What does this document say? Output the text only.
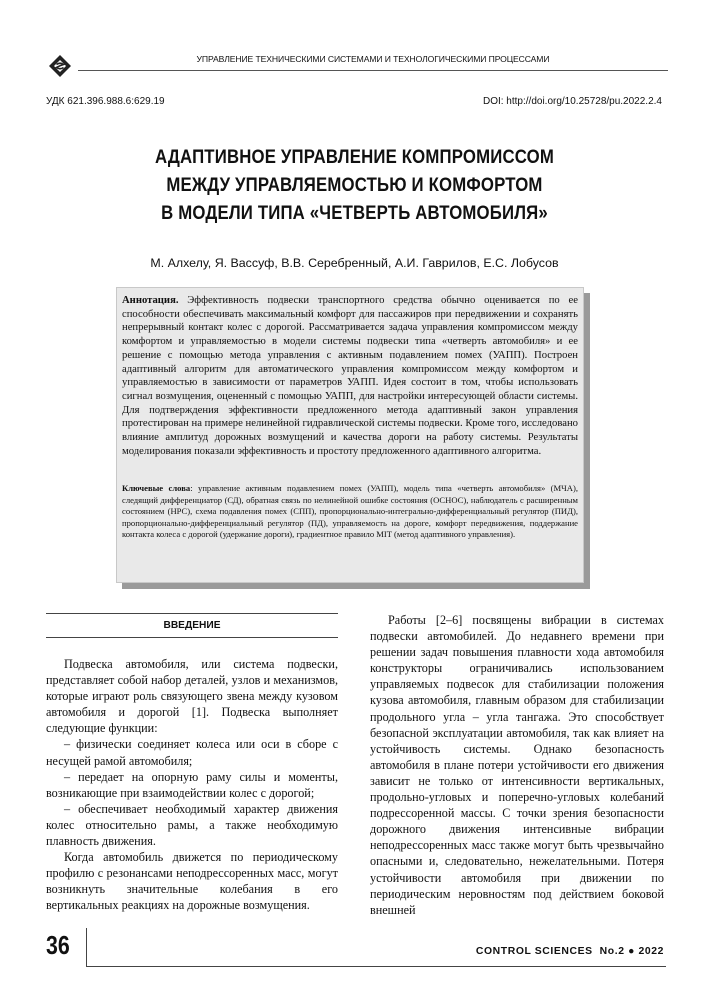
УПРАВЛЕНИЕ ТЕХНИЧЕСКИМИ СИСТЕМАМИ И ТЕХНОЛОГИЧЕСКИМИ ПРОЦЕССАМИ
УДК 621.396.988.6:629.19	DOI: http://doi.org/10.25728/pu.2022.2.4
АДАПТИВНОЕ УПРАВЛЕНИЕ КОМПРОМИССОМ
МЕЖДУ УПРАВЛЯЕМОСТЬЮ И КОМФОРТОМ
В МОДЕЛИ ТИПА «ЧЕТВЕРТЬ АВТОМОБИЛЯ»
М. Алхелу, Я. Вассуф, В.В. Серебренный, А.И. Гаврилов, Е.С. Лобусов
Аннотация. Эффективность подвески транспортного средства обычно оценивается по ее способности обеспечивать максимальный комфорт для пассажиров при передвижении и сохранять непрерывный контакт колес с дорогой. Рассматривается задача управления компромиссом между комфортом и управляемостью в модели системы подвески типа «четверть автомобиля» и ее решение с помощью метода управления с активным подавлением помех (УАПП). Построен адаптивный алгоритм для автоматического управления компромиссом между комфортом и управляемостью в зависимости от параметров УАПП. Идея состоит в том, чтобы использовать сигнал возмущения, оцененный с помощью УАПП, для настройки интересующей области системы. Для подтверждения эффективности предложенного метода адаптивный закон управления протестирован на примере нелинейной гидравлической системы подвески. Кроме того, исследовано влияние амплитуд дорожных возмущений и качества дороги на работу системы. Результаты моделирования показали эффективность и простоту предложенного адаптивного алгоритма.
Ключевые слова: управление активным подавлением помех (УАПП), модель типа «четверть автомобиля» (МЧА), следящий дифференциатор (СД), обратная связь по нелинейной ошибке состояния (ОСНОС), наблюдатель с расширенным состоянием (НРС), схема подавления помех (СПП), пропорционально-интегрально-дифференциальный регулятор (ПИД), пропорционально-дифференциальный регулятор (ПД), управляемость на дороге, комфорт передвижения, поддержание контакта колеса с дорогой (удержание дороги), градиентное правило MIT (метод адаптивного управления).
ВВЕДЕНИЕ

Подвеска автомобиля, или система подвески, представляет собой набор деталей, узлов и механизмов, которые играют роль связующего звена между кузовом автомобиля и дорогой [1]. Подвеска выполняет следующие функции:

– физически соединяет колеса или оси в сборе с несущей рамой автомобиля;

– передает на опорную раму силы и моменты, возникающие при взаимодействии колес с дорогой;

– обеспечивает необходимый характер движения колес относительно рамы, а также необходимую плавность движения.

Когда автомобиль движется по периодическому профилю с резонансами неподрессоренных масс, могут возникнуть значительные колебания в его вертикальных реакциях на дорожные возмущения.

Работы [2–6] посвящены вибрации в системах подвески автомобилей. До недавнего времени при решении задач повышения плавности хода автомобиля конструкторы ограничивались использованием управляемых подвесок для стабилизации положения кузова автомобиля, главным образом для стабилизации продольного угла – угла тангажа. Это способствует безопасной эксплуатации автомобиля, так как влияет на устойчивость системы. Однако безопасность автомобиля в плане потери устойчивости его движения зависит не только от интенсивности вертикальных, продольно-угловых и поперечно-угловых колебаний подрессоренной массы. С точки зрения безопасности дорожного движения интенсивные вибрации неподрессоренных масс также могут быть чрезвычайно опасными и, следовательно, нежелательными. Потеря устойчивости автомобиля при движении по периодическим неровностям под действием боковой внешней

36	CONTROL SCIENCES No.2 ● 2022
